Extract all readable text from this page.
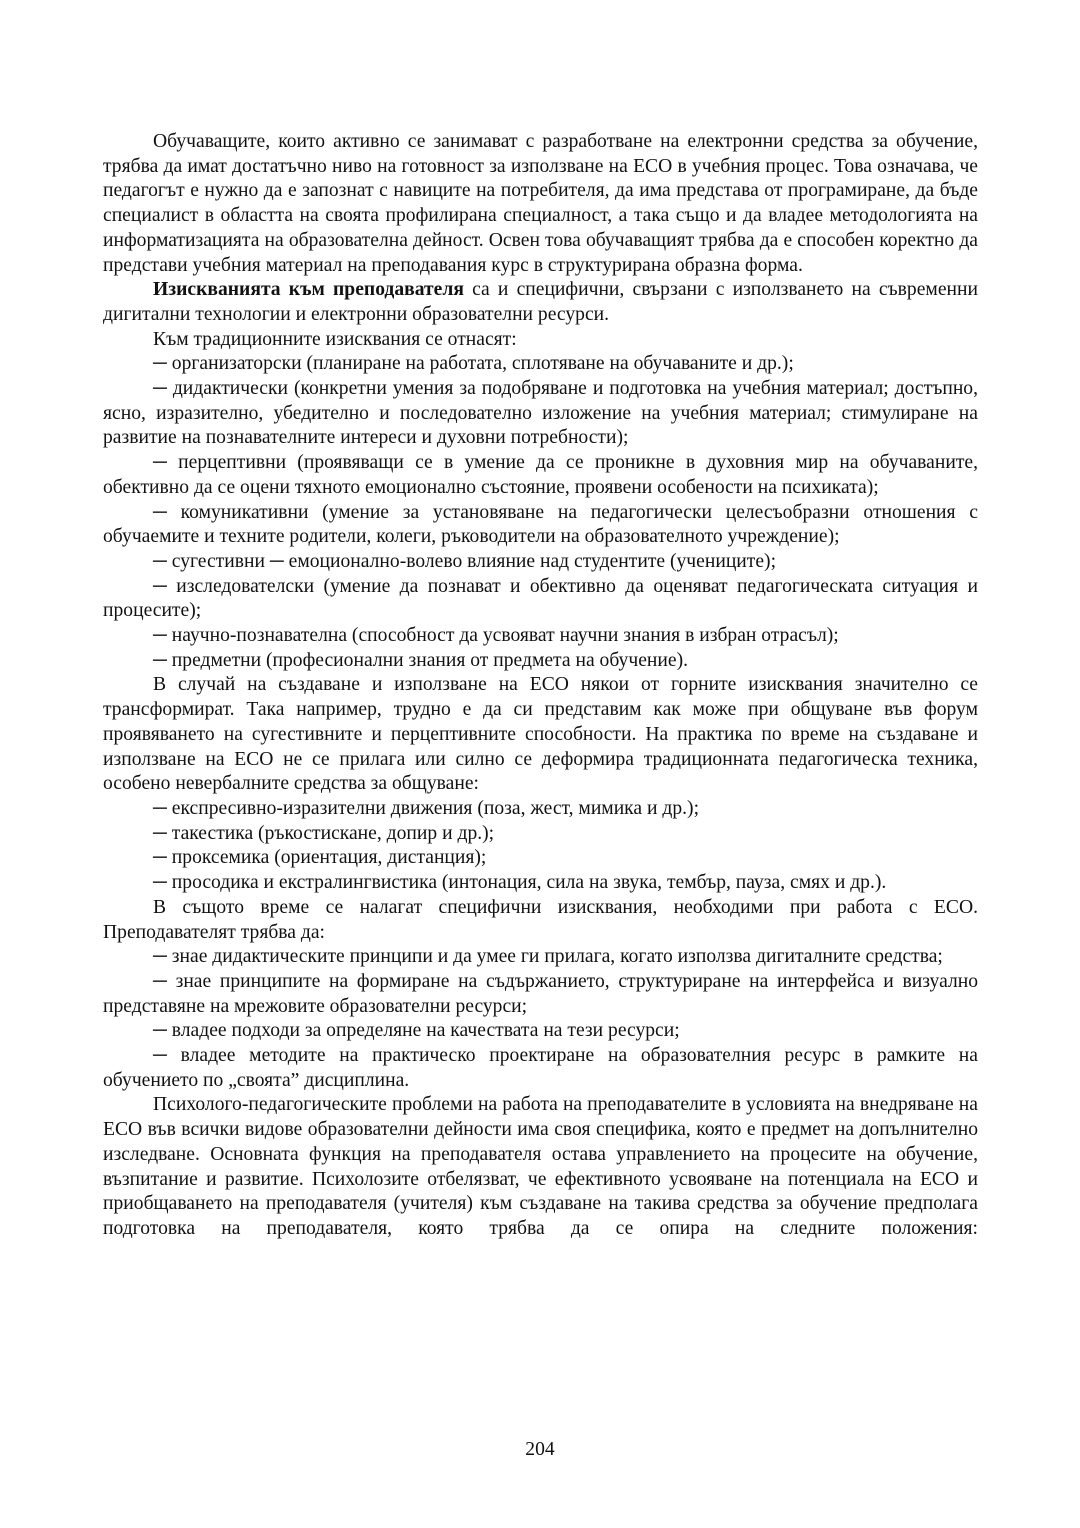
Обучаващите, които активно се занимават с разработване на електронни средства за обучение, трябва да имат достатъчно ниво на готовност за използване на ЕСО в учебния процес. Това означава, че педагогът е нужно да е запознат с навиците на потребителя, да има представа от програмиране, да бъде специалист в областта на своята профилирана специалност, а така също и да владее методологията на информатизацията на образователна дейност. Освен това обучаващият трябва да е способен коректно да представи учебния материал на преподавания курс в структурирана образна форма.

Изискванията към преподавателя са и специфични, свързани с използването на съвременни дигитални технологии и електронни образователни ресурси.

Към традиционните изисквания се отнасят:

─ организаторски (планиране на работата, сплотяване на обучаваните и др.);

─ дидактически (конкретни умения за подобряване и подготовка на учебния материал; достъпно, ясно, изразително, убедително и последователно изложение на учебния материал; стимулиране на развитие на познавателните интереси и духовни потребности);

─ перцептивни (проявяващи се в умение да се проникне в духовния мир на обучаваните, обективно да се оцени тяхното емоционално състояние, проявени особености на психиката);

─ комуникативни (умение за установяване на педагогически целесъобразни отношения с обучаемите и техните родители, колеги, ръководители на образователното учреждение);

─ сугестивни ─ емоционално-волево влияние над студентите (учениците);

─ изследователски (умение да познават и обективно да оценяват педагогическата ситуация и процесите);

─ научно-познавателна (способност да усвояват научни знания в избран отрасъл);

─ предметни (професионални знания от предмета на обучение).

В случай на създаване и използване на ЕСО някои от горните изисквания значително се трансформират. Така например, трудно е да си представим как може при общуване във форум проявяването на сугестивните и перцептивните способности. На практика по време на създаване и използване на ЕСО не се прилага или силно се деформира традиционната педагогическа техника, особено невербалните средства за общуване:

─ експресивно-изразителни движения (поза, жест, мимика и др.);

─ такестика (ръкостискане, допир и др.);

─ проксемика (ориентация, дистанция);

─ просодика и екстралингвистика (интонация, сила на звука, тембър, пауза, смях и др.).

В същото време се налагат специфични изисквания, необходими при работа с ЕСО. Преподавателят трябва да:

─ знае дидактическите принципи и да умее ги прилага, когато използва дигиталните средства;

─ знае принципите на формиране на съдържанието, структуриране на интерфейса и визуално представяне на мрежовите образователни ресурси;

─ владее подходи за определяне на качествата на тези ресурси;

─ владее методите на практическо проектиране на образователния ресурс в рамките на обучението по „своята” дисциплина.

Психолого-педагогическите проблеми на работа на преподавателите в условията на внедряване на ЕСО във всички видове образователни дейности има своя специфика, която е предмет на допълнително изследване. Основната функция на преподавателя остава управлението на процесите на обучение, възпитание и развитие. Психолозите отбелязват, че ефективното усвояване на потенциала на ЕСО и приобщаването на преподавателя (учителя) към създаване на такива средства за обучение предполага подготовка на преподавателя, която трябва да се опира на следните положения:

204
